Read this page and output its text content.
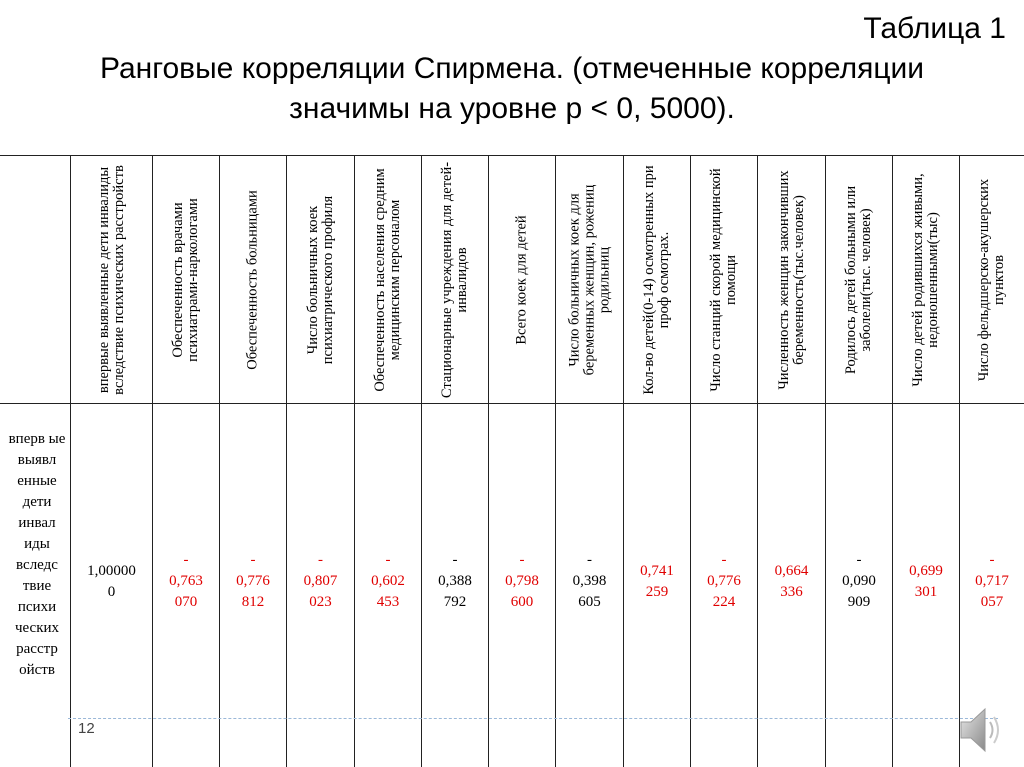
Таблица 1
Ранговые корреляции Спирмена. (отмеченные корреляции
значимы на уровне p < 0, 5000).
впервые выявленные дети инвалиды вследствие психических расстройств
1,00000
0
Обеспеченность врачами психиатрами-наркологами
-
0,763
070
Обеспеченность больницами
-
0,776
812
Число больничных коек психиатрического профиля
-
0,807
023
Обеспеченность населения средним медицинским персоналом
-
0,602
453
Стационарные учреждения для детей-инвалидов
-
0,388
792
Всего коек для детей
-
0,798
600
Число больничных коек для беременных женщин, рожениц родильниц
-
0,398
605
Кол-во детей(0-14) осмотренных при проф осмотрах.
0,741
259
Число станций скорой медицинской помощи
-
0,776
224
Численность женщин закончивших беременность(тыс.человек)
0,664
336
Родилось детей больными или заболели(тыс. человек)
-
0,090
909
Число детей родившихся живыми, недоношенными(тыс)
0,699
301
Число фельдшерско-акушерских пунктов
-
0,717
057
вперв ые выявл енные дети инвал иды вследс твие психи ческих расстр ойств
12
